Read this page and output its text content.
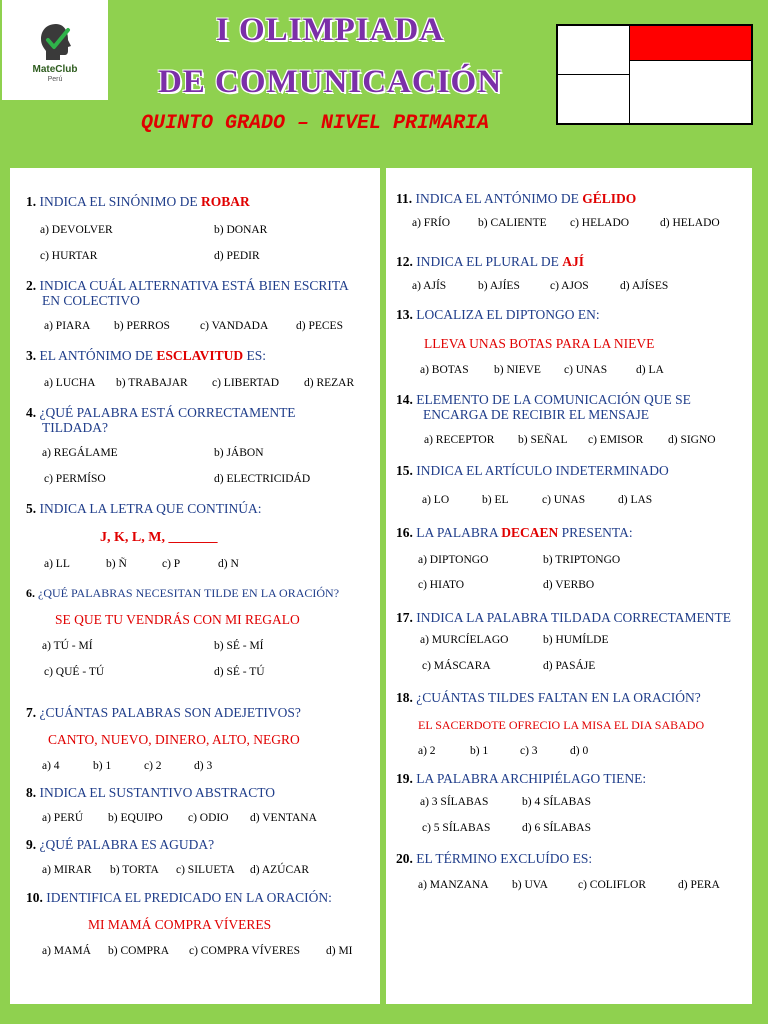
MateClub
Perú
I OLIMPIADA
DE COMUNICACIÓN
QUINTO GRADO – NIVEL PRIMARIA
1. INDICA EL SINÓNIMO DE ROBAR
a) DEVOLVER	b) DONAR
c) HURTAR	d) PEDIR
2. INDICA CUÁL ALTERNATIVA ESTÁ BIEN ESCRITA
EN COLECTIVO
a) PIARA b) PERROS	c) VANDADA d) PECES
3. EL ANTÓNIMO DE ESCLAVITUD ES:
a) LUCHA b) TRABAJAR c) LIBERTAD d) REZAR
4. ¿QUÉ PALABRA ESTÁ CORRECTAMENTE
TILDADA?
a) REGÁLAME	b) JÁBON
c) PERMÍSO	d) ELECTRICIDÁD
5. INDICA LA LETRA QUE CONTINÚA:
J, K, L, M, _______
a) LL	b) Ñ	c) P	d) N
6. ¿QUÉ PALABRAS NECESITAN TILDE EN LA ORACIÓN?
SE QUE TU VENDRÁS CON MI REGALO
a) TÚ - MÍ	b) SÉ - MÍ
c) QUÉ - TÚ	d) SÉ - TÚ
7. ¿CUÁNTAS PALABRAS SON ADEJETIVOS?
CANTO, NUEVO, DINERO, ALTO, NEGRO
a) 4	b) 1	c) 2	d) 3
8. INDICA EL SUSTANTIVO ABSTRACTO
a) PERÚ b) EQUIPO c) ODIO d) VENTANA
9. ¿QUÉ PALABRA ES AGUDA?
a) MIRAR b) TORTA c) SILUETA d) AZÚCAR
10. IDENTIFICA EL PREDICADO EN LA ORACIÓN:
MI MAMÁ COMPRA VÍVERES
a) MAMÁ b) COMPRA c) COMPRA VÍVERES d) MI
11. INDICA EL ANTÓNIMO DE GÉLIDO
a) FRÍO b) CALIENTE c) HELADO	d) HELADO
12. INDICA EL PLURAL DE AJÍ
a) AJÍS	b) AJÍES	c) AJOS	d) AJÍSES
13. LOCALIZA EL DIPTONGO EN:
LLEVA UNAS BOTAS PARA LA NIEVE
a) BOTAS b) NIEVE c) UNAS	d) LA
14. ELEMENTO DE LA COMUNICACIÓN QUE SE
ENCARGA DE RECIBIR EL MENSAJE
a) RECEPTOR b) SEÑAL c) EMISOR d) SIGNO
15. INDICA EL ARTÍCULO INDETERMINADO
a) LO	b) EL	c) UNAS	d) LAS
16. LA PALABRA DECAEN PRESENTA:
a) DIPTONGO	b) TRIPTONGO
c) HIATO	d) VERBO
17. INDICA LA PALABRA TILDADA CORRECTAMENTE
a) MURCÍELAGO	b) HUMÍLDE
c) MÁSCARA	d) PASÁJE
18. ¿CUÁNTAS TILDES FALTAN EN LA ORACIÓN?
EL SACERDOTE OFRECIO LA MISA EL DIA SABADO
a) 2	b) 1	c) 3	d) 0
19. LA PALABRA ARCHIPIÉLAGO TIENE:
a) 3 SÍLABAS	b) 4 SÍLABAS
c) 5 SÍLABAS	d) 6 SÍLABAS
20. EL TÉRMINO EXCLUÍDO ES:
a) MANZANA b) UVA	c) COLIFLOR	d) PERA
